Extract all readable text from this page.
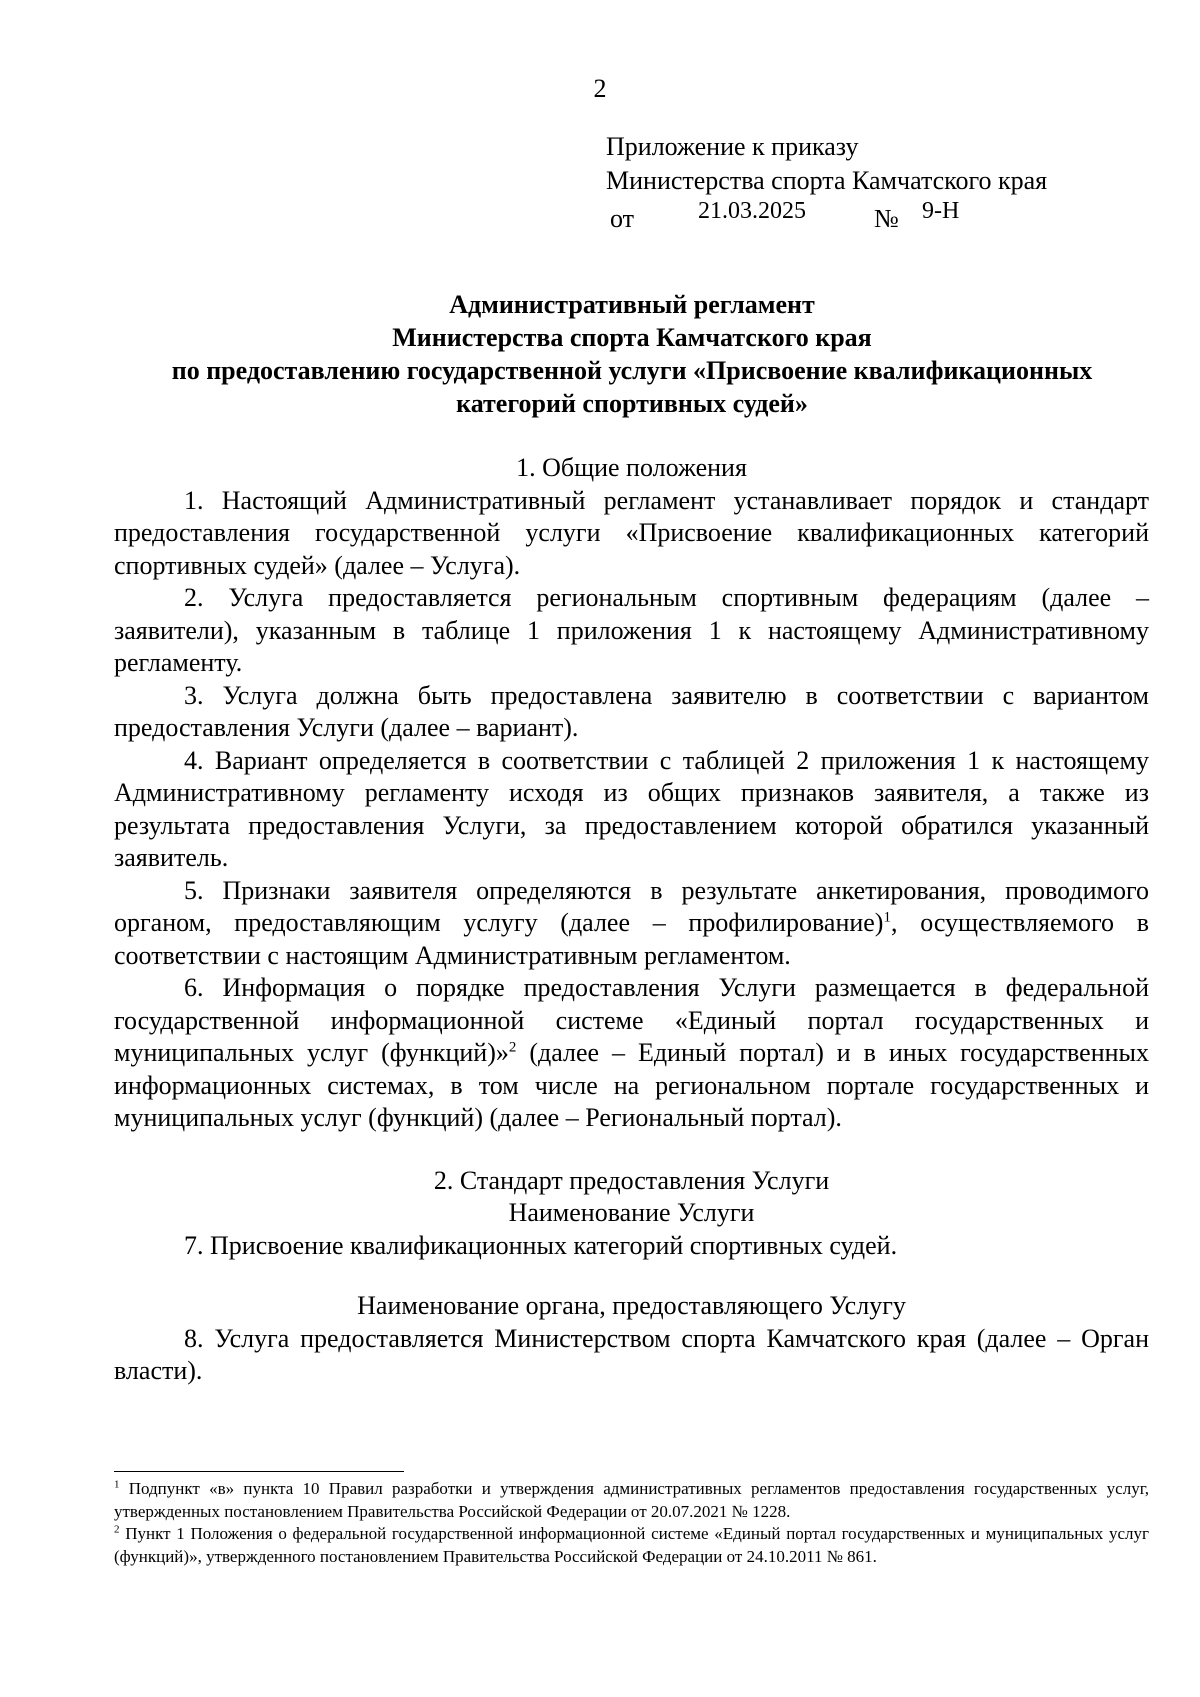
2
Приложение к приказу
Министерства спорта Камчатского края
от	21.03.2025	№ 9-Н
Административный регламент
Министерства спорта Камчатского края
по предоставлению государственной услуги «Присвоение квалификационных
категорий спортивных судей»
1. Общие положения

1. Настоящий Административный регламент устанавливает порядок и стандарт предоставления государственной услуги «Присвоение квалификационных категорий спортивных судей» (далее – Услуга).

2. Услуга предоставляется региональным спортивным федерациям (далее – заявители), указанным в таблице 1 приложения 1 к настоящему Административному регламенту.

3. Услуга должна быть предоставлена заявителю в соответствии с вариантом предоставления Услуги (далее – вариант).

4. Вариант определяется в соответствии с таблицей 2 приложения 1 к настоящему Административному регламенту исходя из общих признаков заявителя, а также из результата предоставления Услуги, за предоставлением которой обратился указанный заявитель.

5. Признаки заявителя определяются в результате анкетирования, проводимого органом, предоставляющим услугу (далее – профилирование)$^1$, осуществляемого в соответствии с настоящим Административным регламентом.

6. Информация о порядке предоставления Услуги размещается в федеральной государственной информационной системе «Единый портал государственных и муниципальных услуг (функций)»$^2$ (далее – Единый портал) и в иных государственных информационных системах, в том числе на региональном портале государственных и муниципальных услуг (функций) (далее – Региональный портал).

2. Стандарт предоставления Услуги
Наименование Услуги

7. Присвоение квалификационных категорий спортивных судей.

Наименование органа, предоставляющего Услугу

8. Услуга предоставляется Министерством спорта Камчатского края (далее – Орган власти).

$^1$ Подпункт «в» пункта 10 Правил разработки и утверждения административных регламентов предоставления государственных услуг, утвержденных постановлением Правительства Российской Федерации от 20.07.2021 № 1228.

$^2$ Пункт 1 Положения о федеральной государственной информационной системе «Единый портал государственных и муниципальных услуг (функций)», утвержденного постановлением Правительства Российской Федерации от 24.10.2011 № 861.
